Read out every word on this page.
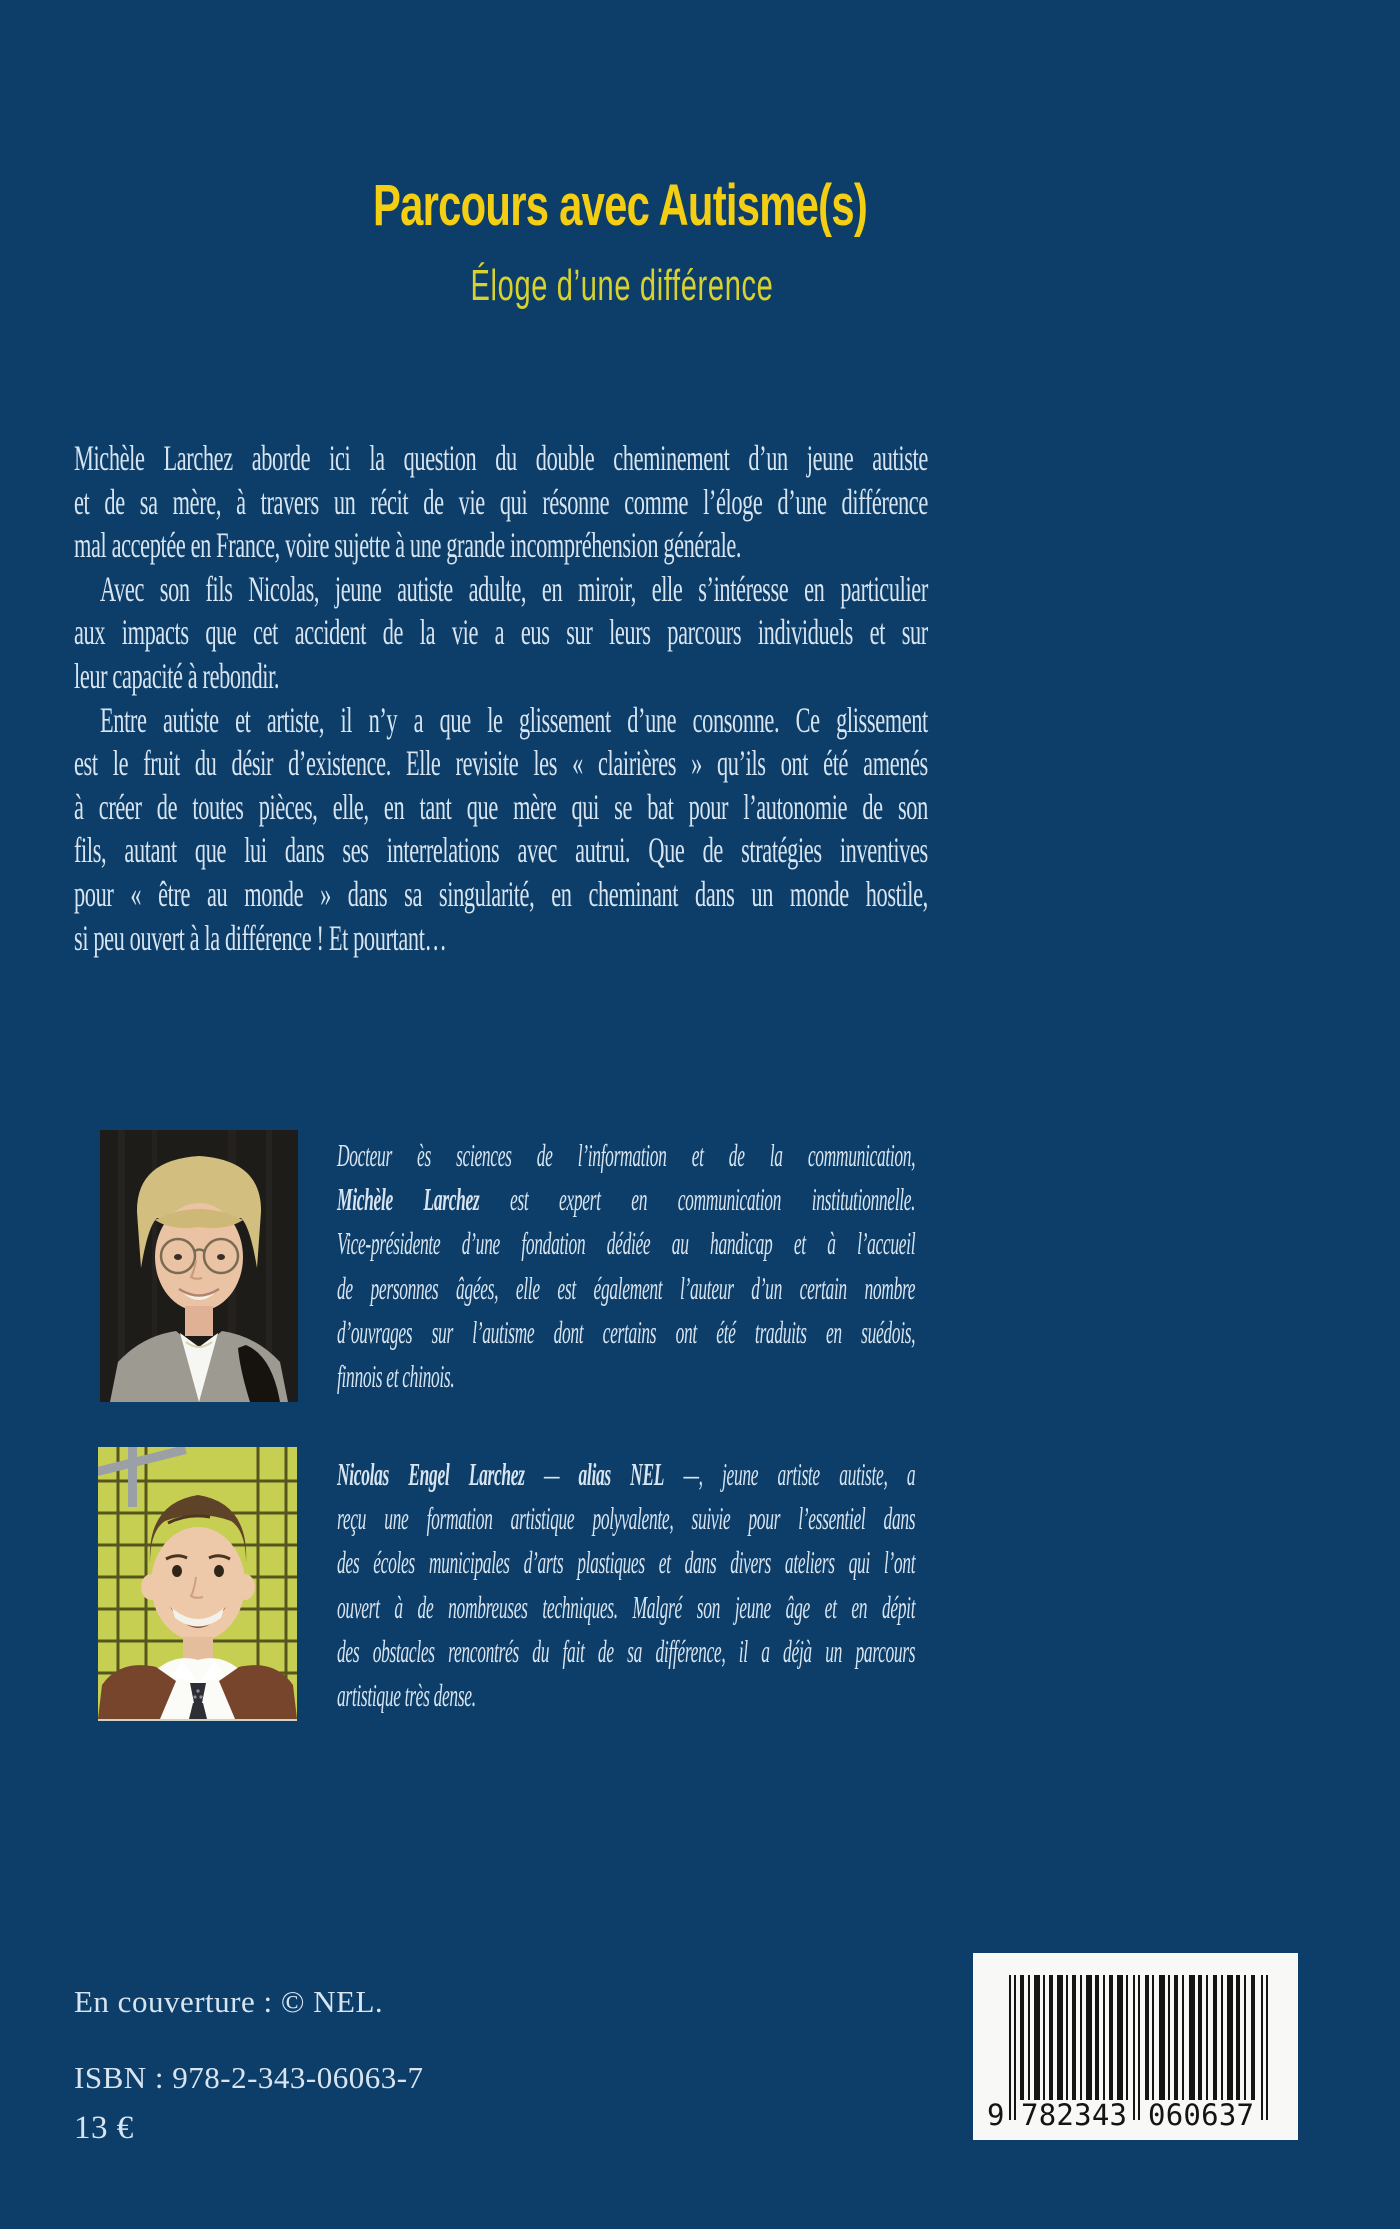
Parcours avec Autisme(s)
Éloge d’une différence
Michèle Larchez aborde ici la question du double cheminement d’un jeune autiste
et de sa mère, à travers un récit de vie qui résonne comme l’éloge d’une différence
mal acceptée en France, voire sujette à une grande incompréhension générale.
Avec son fils Nicolas, jeune autiste adulte, en miroir, elle s’intéresse en particulier
aux impacts que cet accident de la vie a eus sur leurs parcours individuels et sur
leur capacité à rebondir.
Entre autiste et artiste, il n’y a que le glissement d’une consonne. Ce glissement
est le fruit du désir d’existence. Elle revisite les « clairières » qu’ils ont été amenés
à créer de toutes pièces, elle, en tant que mère qui se bat pour l’autonomie de son
fils, autant que lui dans ses interrelations avec autrui. Que de stratégies inventives
pour « être au monde » dans sa singularité, en cheminant dans un monde hostile,
si peu ouvert à la différence ! Et pourtant…
Docteur ès sciences de l’information et de la communication,
Michèle Larchez est expert en communication institutionnelle.
Vice-présidente d’une fondation dédiée au handicap et à l’accueil
de personnes âgées, elle est également l’auteur d’un certain nombre
d’ouvrages sur l’autisme dont certains ont été traduits en suédois,
finnois et chinois.
Nicolas Engel Larchez — alias NEL —, jeune artiste autiste, a
reçu une formation artistique polyvalente, suivie pour l’essentiel dans
des écoles municipales d’arts plastiques et dans divers ateliers qui l’ont
ouvert à de nombreuses techniques. Malgré son jeune âge et en dépit
des obstacles rencontrés du fait de sa différence, il a déjà un parcours
artistique très dense.
En couverture : © NEL.
ISBN : 978-2-343-06063-7
13 €	9 782343 060637
